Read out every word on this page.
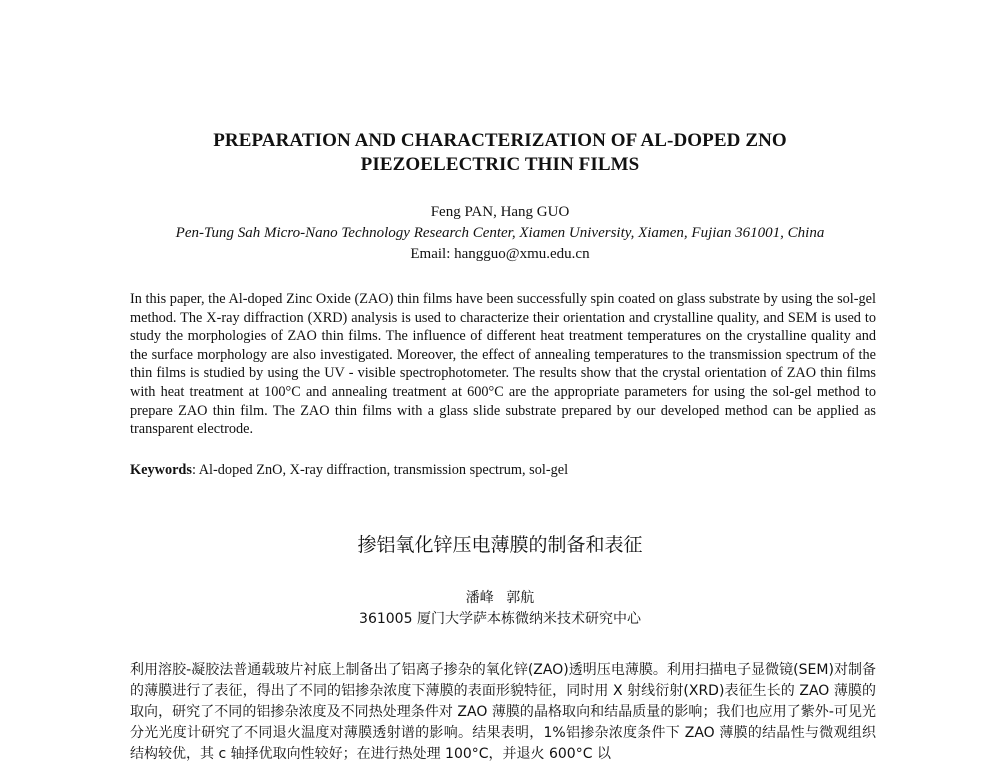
PREPARATION AND CHARACTERIZATION OF AL-DOPED ZNO
PIEZOELECTRIC THIN FILMS
Feng PAN, Hang GUO
Pen-Tung Sah Micro-Nano Technology Research Center, Xiamen University, Xiamen, Fujian 361001, China
Email: hangguo@xmu.edu.cn

In this paper, the Al-doped Zinc Oxide (ZAO) thin films have been successfully spin coated on glass substrate by using the sol-gel method. The X-ray diffraction (XRD) analysis is used to characterize their orientation and crystalline quality, and SEM is used to study the morphologies of ZAO thin films. The influence of different heat treatment temperatures on the crystalline quality and the surface morphology are also investigated. Moreover, the effect of annealing temperatures to the transmission spectrum of the thin films is studied by using the UV - visible spectrophotometer. The results show that the crystal orientation of ZAO thin films with heat treatment at 100°C and annealing treatment at 600°C are the appropriate parameters for using the sol-gel method to prepare ZAO thin film. The ZAO thin films with a glass slide substrate prepared by our developed method can be applied as transparent electrode.

Keywords: Al-doped ZnO, X-ray diffraction, transmission spectrum, sol-gel

掺铝氧化锌压电薄膜的制备和表征
潘峰 郭航
361005 厦门大学萨本栋微纳米技术研究中心

利用溶胶-凝胶法普通载玻片衬底上制备出了铝离子掺杂的氧化锌(ZAO)透明压电薄膜。利用扫描电子显微镜(SEM)对制备的薄膜进行了表征，得出了不同的铝掺杂浓度下薄膜的表面形貌特征，同时用 X 射线衍射(XRD)表征生长的 ZAO 薄膜的取向，研究了不同的铝掺杂浓度及不同热处理条件对 ZAO 薄膜的晶格取向和结晶质量的影响；我们也应用了紫外-可见光分光光度计研究了不同退火温度对薄膜透射谱的影响。结果表明，1%铝掺杂浓度条件下 ZAO 薄膜的结晶性与微观组织结构较优，其 c 轴择优取向性较好；在进行热处理 100°C，并退火 600°C 以
